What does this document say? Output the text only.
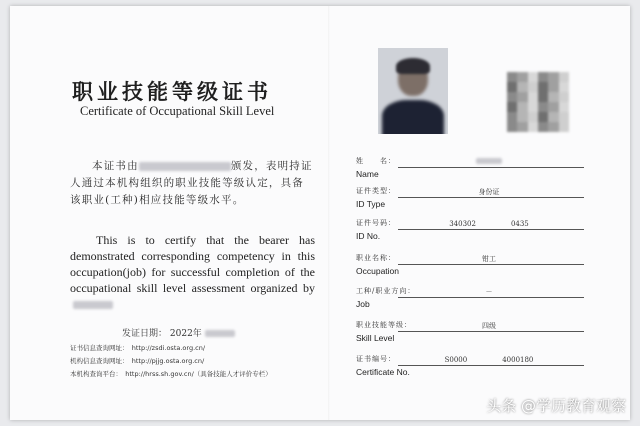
职业技能等级证书
Certificate of Occupational Skill Level
本证书由	颁发，表明持证人通过本机构组织的职业技能等级认定，具备该职业(工种)相应技能等级水平。
This is to certify that the bearer has demonstrated corresponding competency in this occupation(job) for successful completion of the occupational skill level assessment organized by
发证日期： 2022年
证书信息查询网址：　 http://zsdi.osta.org.cn/
机构信息查询网址：　 http://pjjg.osta.org.cn/
本机构查询平台：　 http://hrss.sh.gov.cn/（具备技能人才评价专栏）
姓　　名：
Name
证件类型：	身份证
ID Type
证件号码：	340302　　　　　0435
ID No.
职业名称：	钳工
Occupation
工种/职业方向：	－
Job
职业技能等级：	四级
Skill Level
证书编号：	S0000　　　　　4000180
Certificate No.
头条 @学历教育观察
